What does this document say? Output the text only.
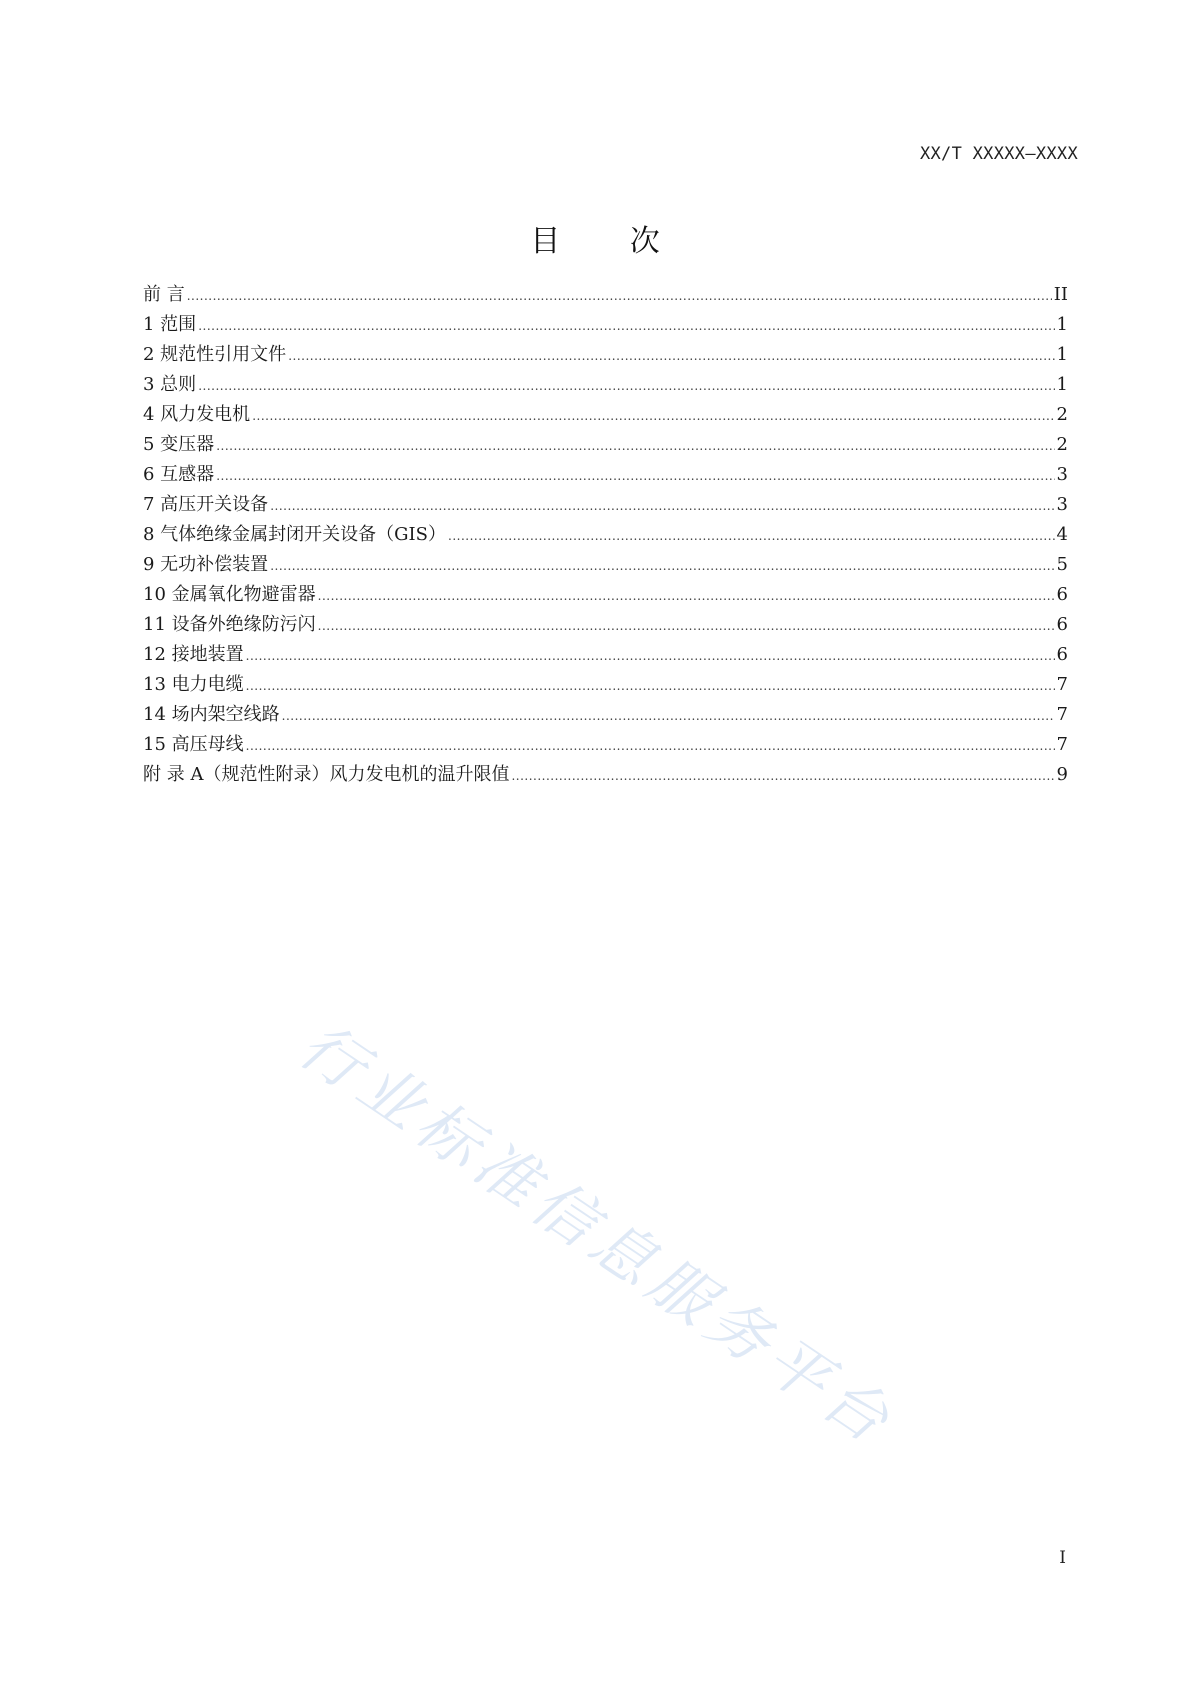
XX/T XXXXX—XXXX
目 次
前 言 .....	II
1 范围 .....	1
2 规范性引用文件 .....	1
3 总则 .....	1
4 风力发电机 .....	2
5 变压器 .....	2
6 互感器 .....	3
7 高压开关设备 .....	3
8 气体绝缘金属封闭开关设备（GIS） .....	4
9 无功补偿装置 .....	5
10 金属氧化物避雷器 .....	6
11 设备外绝缘防污闪 .....	6
12 接地装置 .....	6
13 电力电缆 .....	7
14 场内架空线路 .....	7
15 高压母线 .....	7
附 录 A（规范性附录）风力发电机的温升限值 .....	9
行业标准信息服务平台
I
